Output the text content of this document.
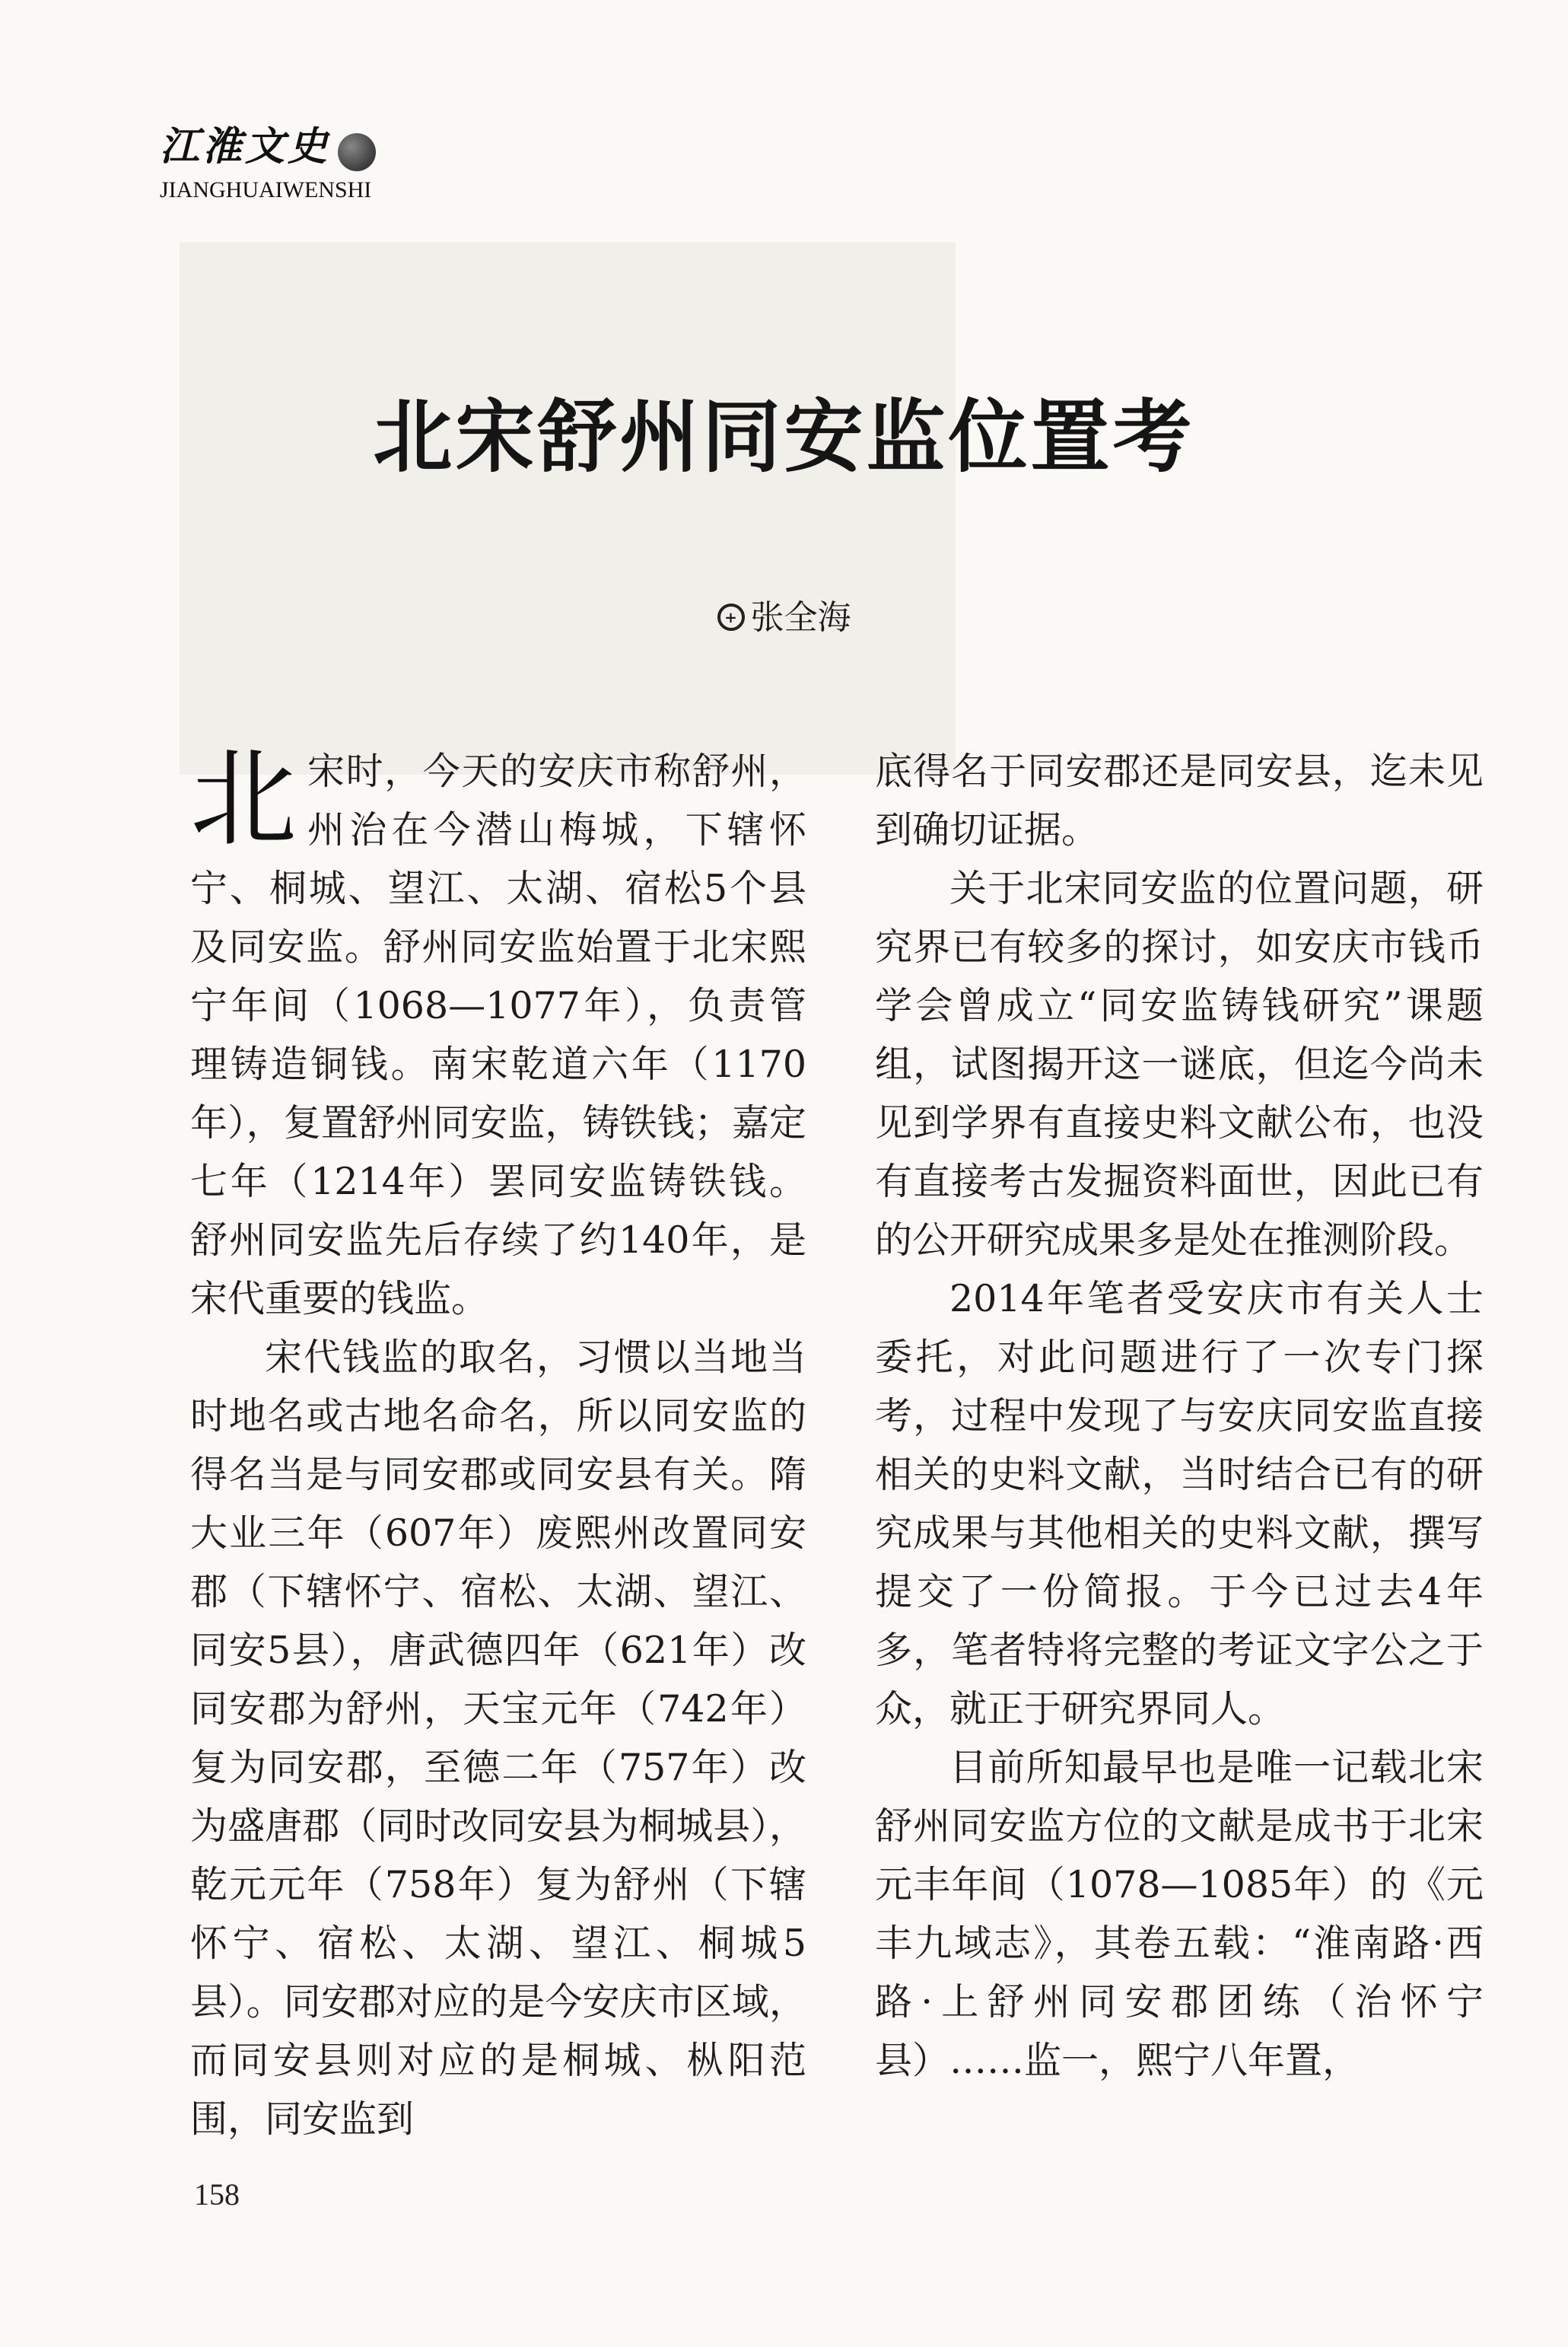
江淮文史
JIANGHUAIWENSHI
北宋舒州同安监位置考
+ 张全海

北宋时，今天的安庆市称舒州，州治在今潜山梅城，下辖怀宁、桐城、望江、太湖、宿松5个县及同安监。舒州同安监始置于北宋熙宁年间（1068—1077年），负责管理铸造铜钱。南宋乾道六年（1170年），复置舒州同安监，铸铁钱；嘉定七年（1214年）罢同安监铸铁钱。舒州同安监先后存续了约140年，是宋代重要的钱监。

宋代钱监的取名，习惯以当地当时地名或古地名命名，所以同安监的得名当是与同安郡或同安县有关。隋大业三年（607年）废熙州改置同安郡（下辖怀宁、宿松、太湖、望江、同安5县），唐武德四年（621年）改同安郡为舒州，天宝元年（742年）复为同安郡，至德二年（757年）改为盛唐郡（同时改同安县为桐城县），乾元元年（758年）复为舒州（下辖怀宁、宿松、太湖、望江、桐城5县）。同安郡对应的是今安庆市区域，而同安县则对应的是桐城、枞阳范围，同安监到

底得名于同安郡还是同安县，迄未见到确切证据。

关于北宋同安监的位置问题，研究界已有较多的探讨，如安庆市钱币学会曾成立“同安监铸钱研究”课题组，试图揭开这一谜底，但迄今尚未见到学界有直接史料文献公布，也没有直接考古发掘资料面世，因此已有的公开研究成果多是处在推测阶段。

2014年笔者受安庆市有关人士委托，对此问题进行了一次专门探考，过程中发现了与安庆同安监直接相关的史料文献，当时结合已有的研究成果与其他相关的史料文献，撰写提交了一份简报。于今已过去4年多，笔者特将完整的考证文字公之于众，就正于研究界同人。

目前所知最早也是唯一记载北宋舒州同安监方位的文献是成书于北宋元丰年间（1078—1085年）的《元丰九域志》，其卷五载：“淮南路·西路·上舒州同安郡团练（治怀宁县）……监一，熙宁八年置，

158
